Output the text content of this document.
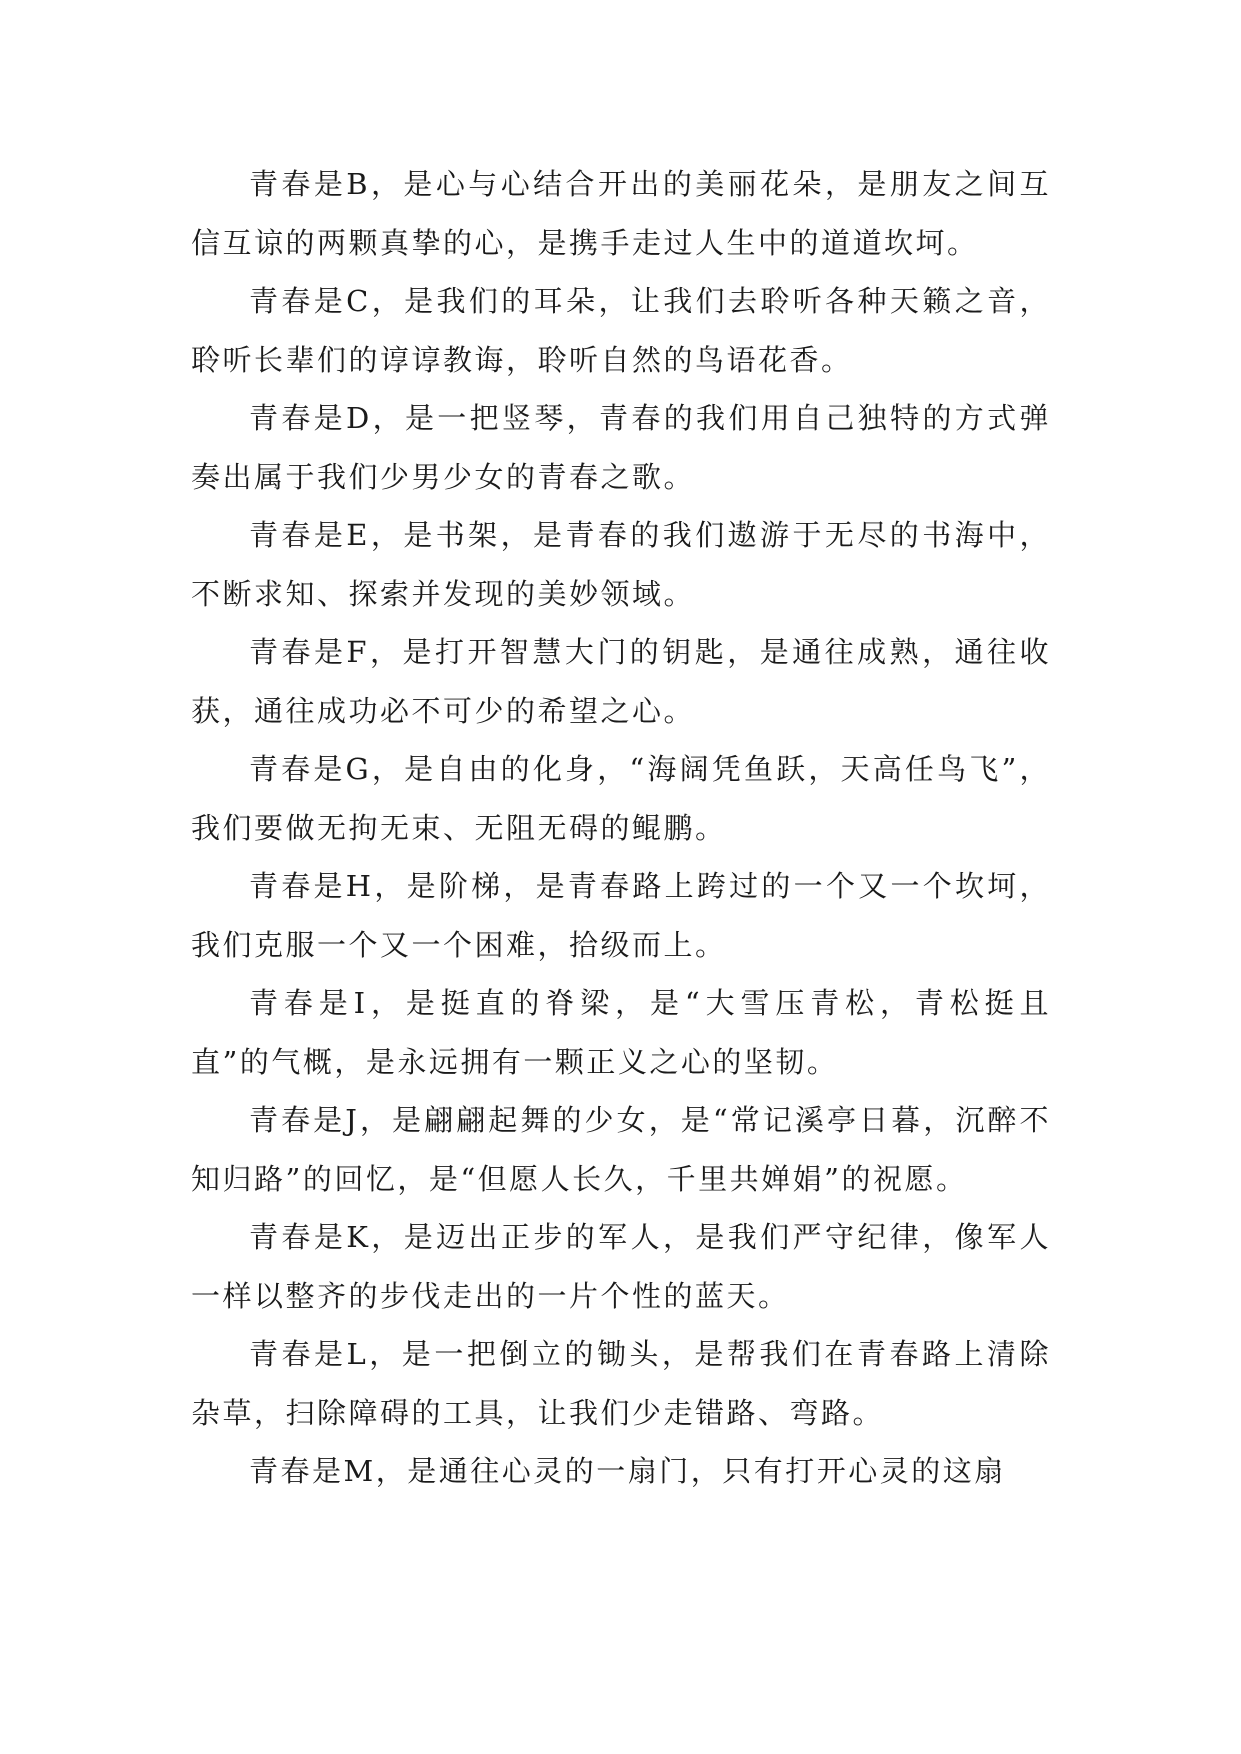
青春是B，是心与心结合开出的美丽花朵，是朋友之间互信互谅的两颗真挚的心，是携手走过人生中的道道坎坷。

青春是C，是我们的耳朵，让我们去聆听各种天籁之音，聆听长辈们的谆谆教诲，聆听自然的鸟语花香。

青春是D，是一把竖琴，青春的我们用自己独特的方式弹奏出属于我们少男少女的青春之歌。

青春是E，是书架，是青春的我们遨游于无尽的书海中，不断求知、探索并发现的美妙领域。

青春是F，是打开智慧大门的钥匙，是通往成熟，通往收获，通往成功必不可少的希望之心。

青春是G，是自由的化身，“海阔凭鱼跃，天高任鸟飞”，我们要做无拘无束、无阻无碍的鲲鹏。

青春是H，是阶梯，是青春路上跨过的一个又一个坎坷，我们克服一个又一个困难，拾级而上。

青春是I，是挺直的脊梁，是“大雪压青松，青松挺且直”的气概，是永远拥有一颗正义之心的坚韧。

青春是J，是翩翩起舞的少女，是“常记溪亭日暮，沉醉不知归路”的回忆，是“但愿人长久，千里共婵娟”的祝愿。

青春是K，是迈出正步的军人，是我们严守纪律，像军人一样以整齐的步伐走出的一片个性的蓝天。

青春是L，是一把倒立的锄头，是帮我们在青春路上清除杂草，扫除障碍的工具，让我们少走错路、弯路。

青春是M，是通往心灵的一扇门，只有打开心灵的这扇
